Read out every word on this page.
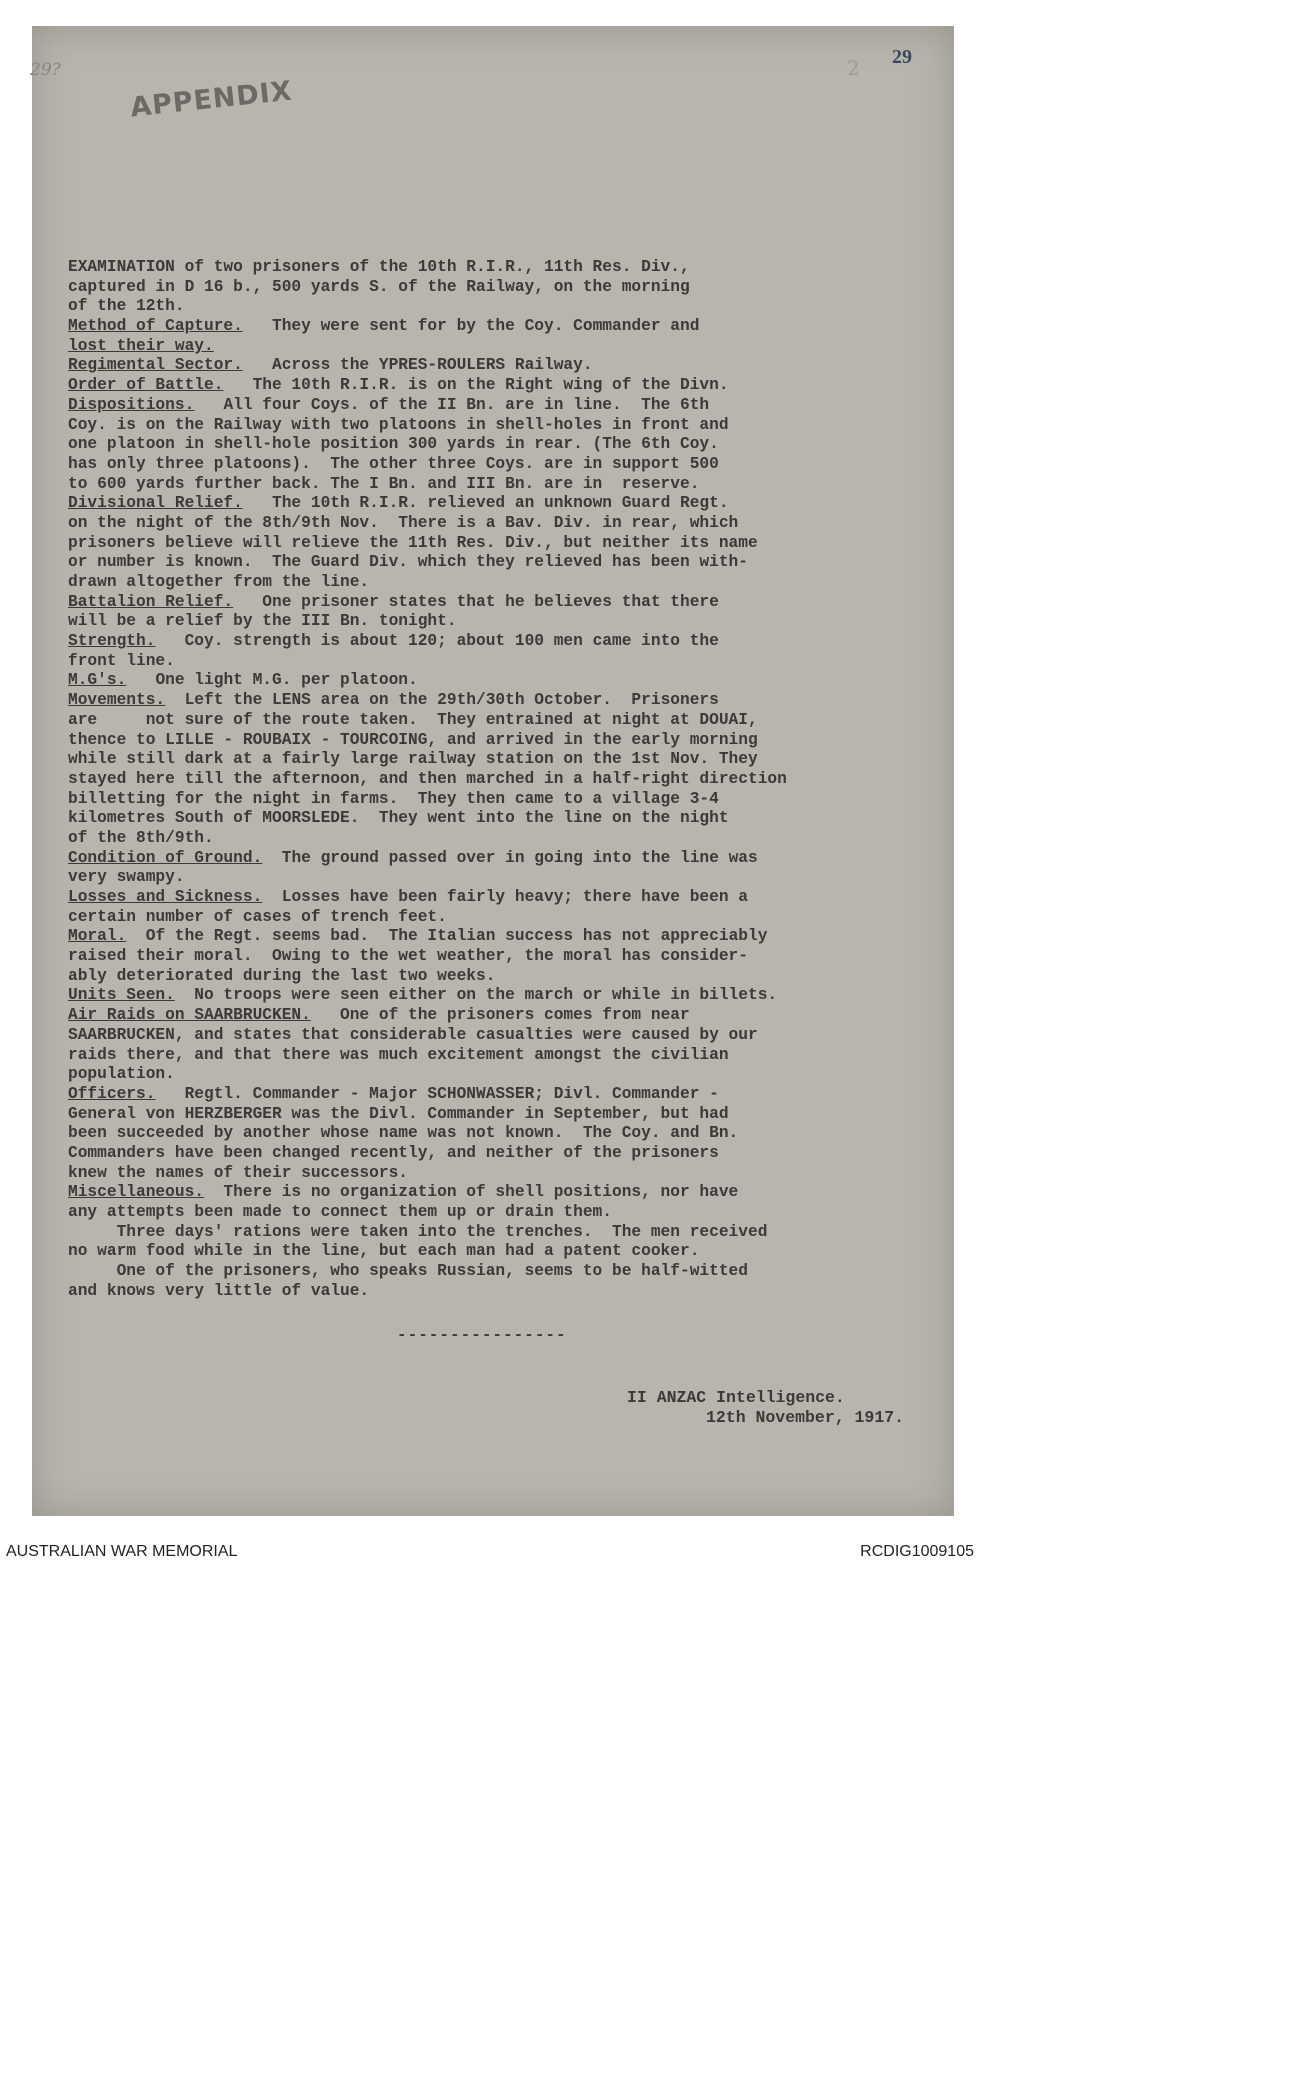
29?	2 29
APPENDIX
EXAMINATION of two prisoners of the 10th R.I.R., 11th Res. Div.,
captured in D 16 b., 500 yards S. of the Railway, on the morning
of the 12th.
Method of Capture.   They were sent for by the Coy. Commander and
lost their way.
Regimental Sector.   Across the YPRES-ROULERS Railway.
Order of Battle.   The 10th R.I.R. is on the Right wing of the Divn.
Dispositions.   All four Coys. of the II Bn. are in line.  The 6th
Coy. is on the Railway with two platoons in shell-holes in front and
one platoon in shell-hole position 300 yards in rear. (The 6th Coy.
has only three platoons).  The other three Coys. are in support 500
to 600 yards further back. The I Bn. and III Bn. are in  reserve.
Divisional Relief.   The 10th R.I.R. relieved an unknown Guard Regt.
on the night of the 8th/9th Nov.  There is a Bav. Div. in rear, which
prisoners believe will relieve the 11th Res. Div., but neither its name
or number is known.  The Guard Div. which they relieved has been with-
drawn altogether from the line.
Battalion Relief.   One prisoner states that he believes that there
will be a relief by the III Bn. tonight.
Strength.   Coy. strength is about 120; about 100 men came into the
front line.
M.G's.   One light M.G. per platoon.
Movements.  Left the LENS area on the 29th/30th October.  Prisoners
are     not sure of the route taken.  They entrained at night at DOUAI,
thence to LILLE - ROUBAIX - TOURCOING, and arrived in the early morning
while still dark at a fairly large railway station on the 1st Nov. They
stayed here till the afternoon, and then marched in a half-right direction
billetting for the night in farms.  They then came to a village 3-4
kilometres South of MOORSLEDE.  They went into the line on the night
of the 8th/9th.
Condition of Ground.  The ground passed over in going into the line was
very swampy.
Losses and Sickness.  Losses have been fairly heavy; there have been a
certain number of cases of trench feet.
Moral.  Of the Regt. seems bad.  The Italian success has not appreciably
raised their moral.  Owing to the wet weather, the moral has consider-
ably deteriorated during the last two weeks.
Units Seen.  No troops were seen either on the march or while in billets.
Air Raids on SAARBRUCKEN.   One of the prisoners comes from near
SAARBRUCKEN, and states that considerable casualties were caused by our
raids there, and that there was much excitement amongst the civilian
population.
Officers.   Regtl. Commander - Major SCHONWASSER; Divl. Commander -
General von HERZBERGER was the Divl. Commander in September, but had
been succeeded by another whose name was not known.  The Coy. and Bn.
Commanders have been changed recently, and neither of the prisoners
knew the names of their successors.
Miscellaneous.  There is no organization of shell positions, nor have
any attempts been made to connect them up or drain them.
Three days' rations were taken into the trenches.  The men received
no warm food while in the line, but each man had a patent cooker.
One of the prisoners, who speaks Russian, seems to be half-witted
and knows very little of value.
----------------
II ANZAC Intelligence.
12th November, 1917.
AUSTRALIAN WAR MEMORIAL	RCDIG1009105
